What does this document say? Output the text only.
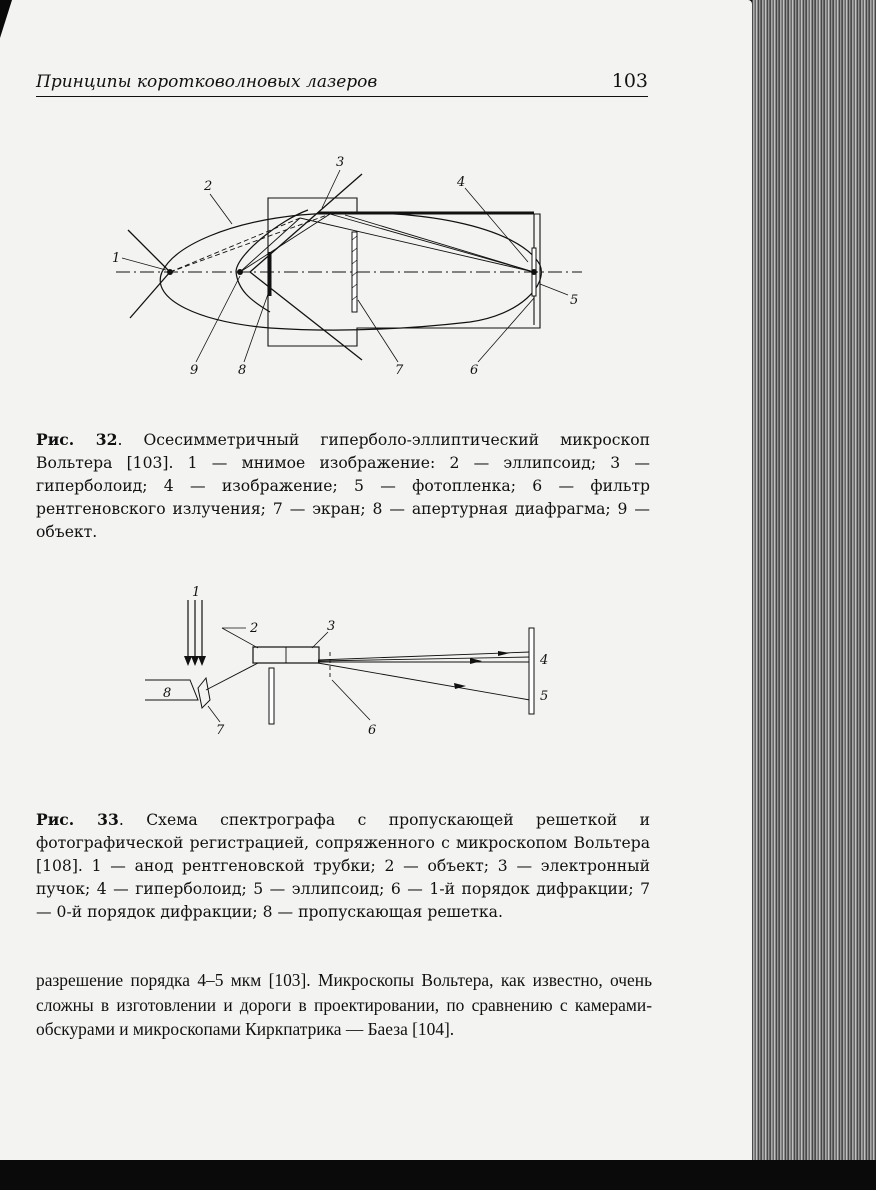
Принципы коротковолновых лазеров	103
1
2
3
4
5
6
7
8
9
Рис. 32. Осесимметричный гиперболо-эллиптический микроскоп Вольтера [103]. 1 — мнимое изображение: 2 — эллипсоид; 3 — гиперболоид; 4 — изображение; 5 — фотопленка; 6 — фильтр рентгеновского излучения; 7 — экран; 8 — апертурная диафрагма; 9 — объект.
1
2	3
4
5
6
7
8
Рис. 33. Схема спектрографа с пропускающей решеткой и фотографической регистрацией, сопряженного с микроскопом Вольтера [108]. 1 — анод рентгеновской трубки; 2 — объект; 3 — электронный пучок; 4 — гиперболоид; 5 — эллипсоид; 6 — 1-й порядок дифракции; 7 — 0-й порядок дифракции; 8 — пропускающая решетка.
разрешение порядка 4–5 мкм [103]. Микроскопы Вольтера, как известно, очень сложны в изготовлении и дороги в проектировании, по сравнению с камерами-обскурами и микроскопами Киркпатрика — Баеза [104].
